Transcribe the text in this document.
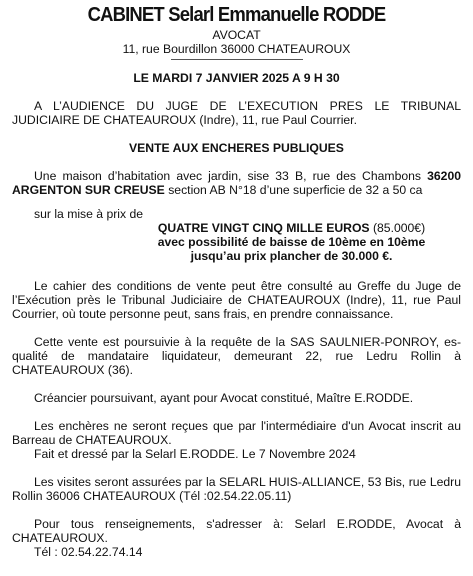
CABINET Selarl Emmanuelle RODDE
AVOCAT
11, rue Bourdillon 36000 CHATEAUROUX
LE MARDI 7 JANVIER 2025 A 9 H 30

A L’AUDIENCE DU JUGE DE L’EXECUTION PRES LE TRIBUNAL JUDICIAIRE DE CHATEAUROUX (Indre), 11, rue Paul Courrier.

VENTE AUX ENCHERES PUBLIQUES

Une maison d’habitation avec jardin, sise 33 B, rue des Chambons 36200 ARGENTON SUR CREUSE section AB N°18 d’une superficie de 32 a 50 ca

sur la mise à prix de
QUATRE VINGT CINQ MILLE EUROS (85.000€)
avec possibilité de baisse de 10ème en 10ème
jusqu’au prix plancher de 30.000 €.

Le cahier des conditions de vente peut être consulté au Greffe du Juge de l’Exécution près le Tribunal Judiciaire de CHATEAUROUX (Indre), 11, rue Paul Courrier, où toute personne peut, sans frais, en prendre connaissance.

Cette vente est poursuivie à la requête de la SAS SAULNIER-PONROY, es-qualité de mandataire liquidateur, demeurant 22, rue Ledru Rollin à CHATEAUROUX (36).

Créancier poursuivant, ayant pour Avocat constitué, Maître E.RODDE.

Les enchères ne seront reçues que par l'intermédiaire d'un Avocat inscrit au Barreau de CHATEAUROUX.

Fait et dressé par la Selarl E.RODDE. Le 7 Novembre 2024

Les visites seront assurées par la SELARL HUIS-ALLIANCE, 53 Bis, rue Ledru Rollin 36006 CHATEAUROUX (Tél :02.54.22.05.11)

Pour tous renseignements, s'adresser à: Selarl E.RODDE, Avocat à CHATEAUROUX.

Tél : 02.54.22.74.14
